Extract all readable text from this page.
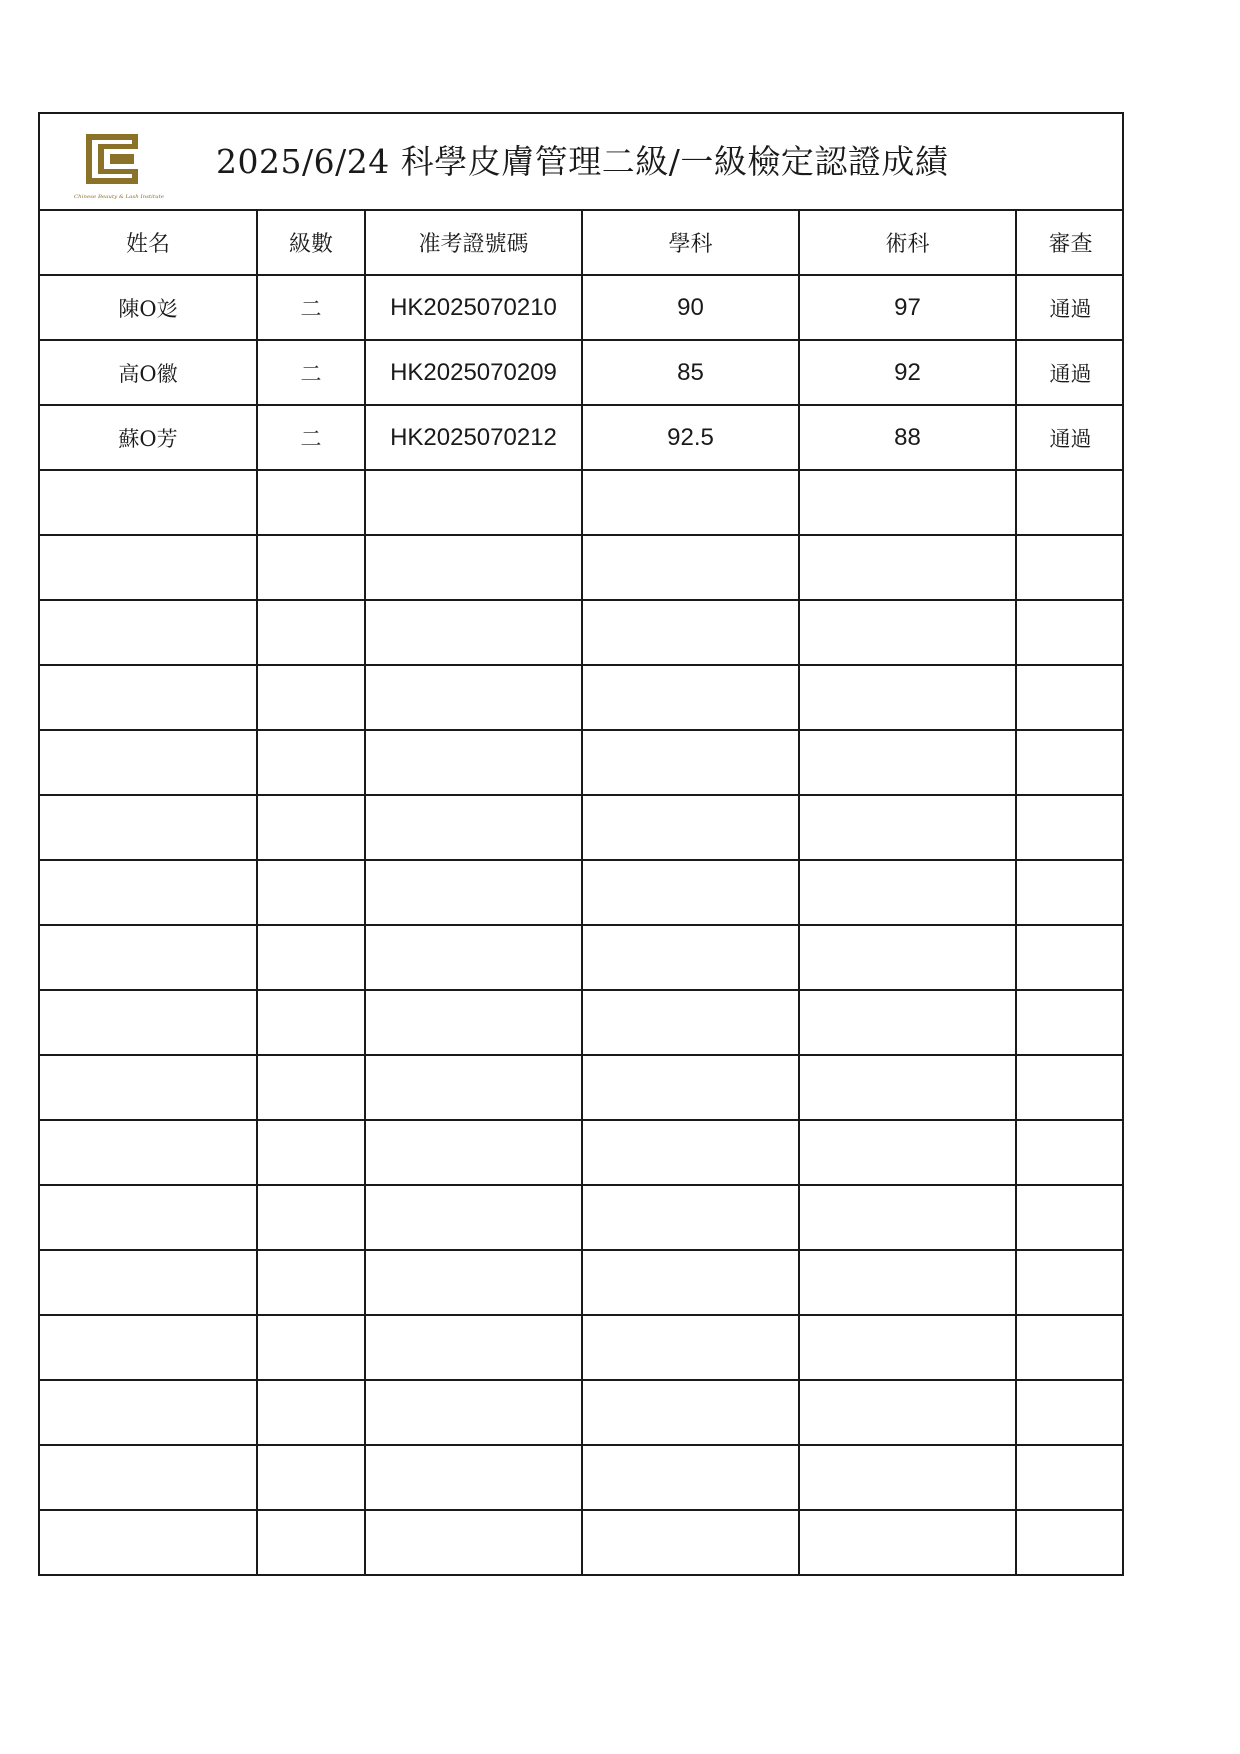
Chinese Beauty & Lash Institute
2025/6/24 科學皮膚管理二級/一級檢定認證成績
姓名	級數	准考證號碼	學科	術科	審查
陳O彣	二	HK2025070210	90	97	通過
高O徽	二	HK2025070209	85	92	通過
蘇O芳	二	HK2025070212	92.5	88	通過
